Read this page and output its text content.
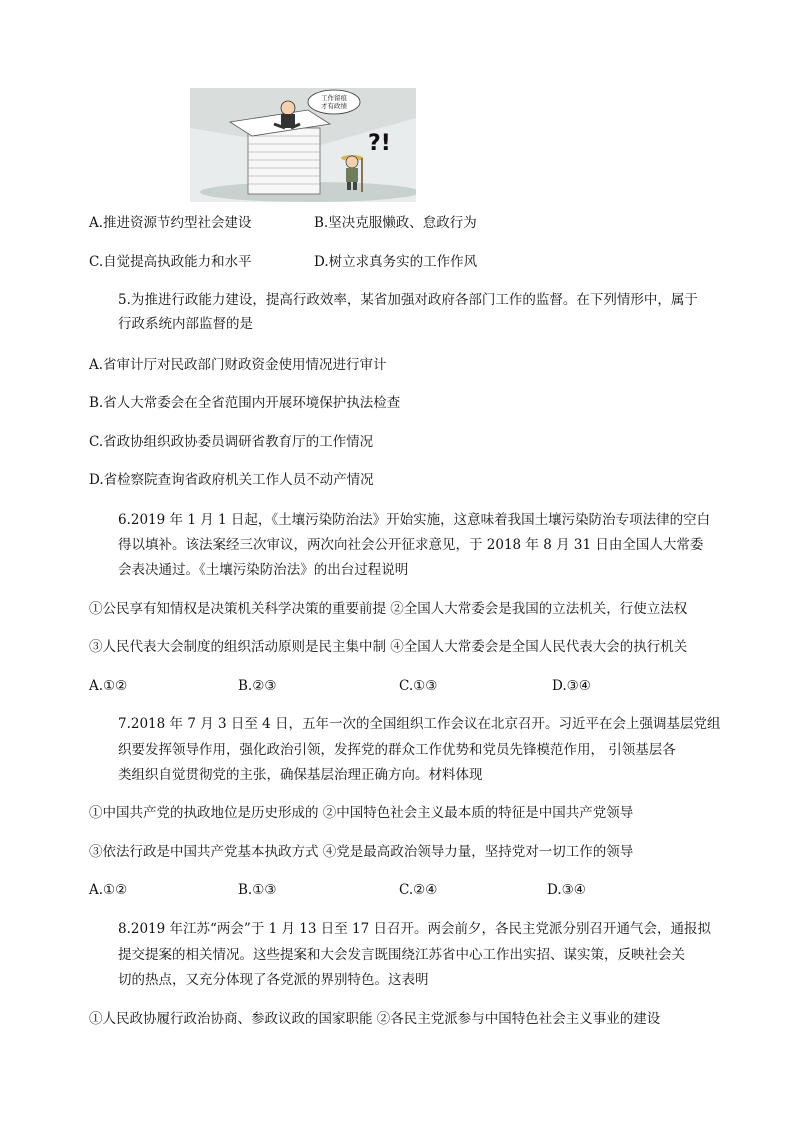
工作留痕
才有政绩
?!
A.推进资源节约型社会建设	B.坚决克服懒政、怠政行为
C.自觉提高执政能力和水平	D.树立求真务实的工作作风
5.为推进行政能力建设，提高行政效率，某省加强对政府各部门工作的监督。在下列情形中，属于
行政系统内部监督的是
A.省审计厅对民政部门财政资金使用情况进行审计
B.省人大常委会在全省范围内开展环境保护执法检查
C.省政协组织政协委员调研省教育厅的工作情况
D.省检察院查询省政府机关工作人员不动产情况
6.2019 年 1 月 1 日起，《土壤污染防治法》开始实施，这意味着我国土壤污染防治专项法律的空白
得以填补。该法案经三次审议，两次向社会公开征求意见，于 2018 年 8 月 31 日由全国人大常委
会表决通过。《土壤污染防治法》的出台过程说明
①公民享有知情权是决策机关科学决策的重要前提 ②全国人大常委会是我国的立法机关，行使立法权
③人民代表大会制度的组织活动原则是民主集中制 ④全国人大常委会是全国人民代表大会的执行机关
A.①②	B.②③	C.①③	D.③④
7.2018 年 7 月 3 日至 4 日，五年一次的全国组织工作会议在北京召开。习近平在会上强调基层党组
织要发挥领导作用，强化政治引领，发挥党的群众工作优势和党员先锋模范作用， 引领基层各
类组织自觉贯彻党的主张，确保基层治理正确方向。材料体现
①中国共产党的执政地位是历史形成的 ②中国特色社会主义最本质的特征是中国共产党领导
③依法行政是中国共产党基本执政方式 ④党是最高政治领导力量，坚持党对一切工作的领导
A.①②	B.①③	C.②④	D.③④
8.2019 年江苏“两会”于 1 月 13 日至 17 日召开。两会前夕，各民主党派分别召开通气会，通报拟
提交提案的相关情况。这些提案和大会发言既围绕江苏省中心工作出实招、谋实策，反映社会关
切的热点，又充分体现了各党派的界别特色。这表明
①人民政协履行政治协商、参政议政的国家职能 ②各民主党派参与中国特色社会主义事业的建设
